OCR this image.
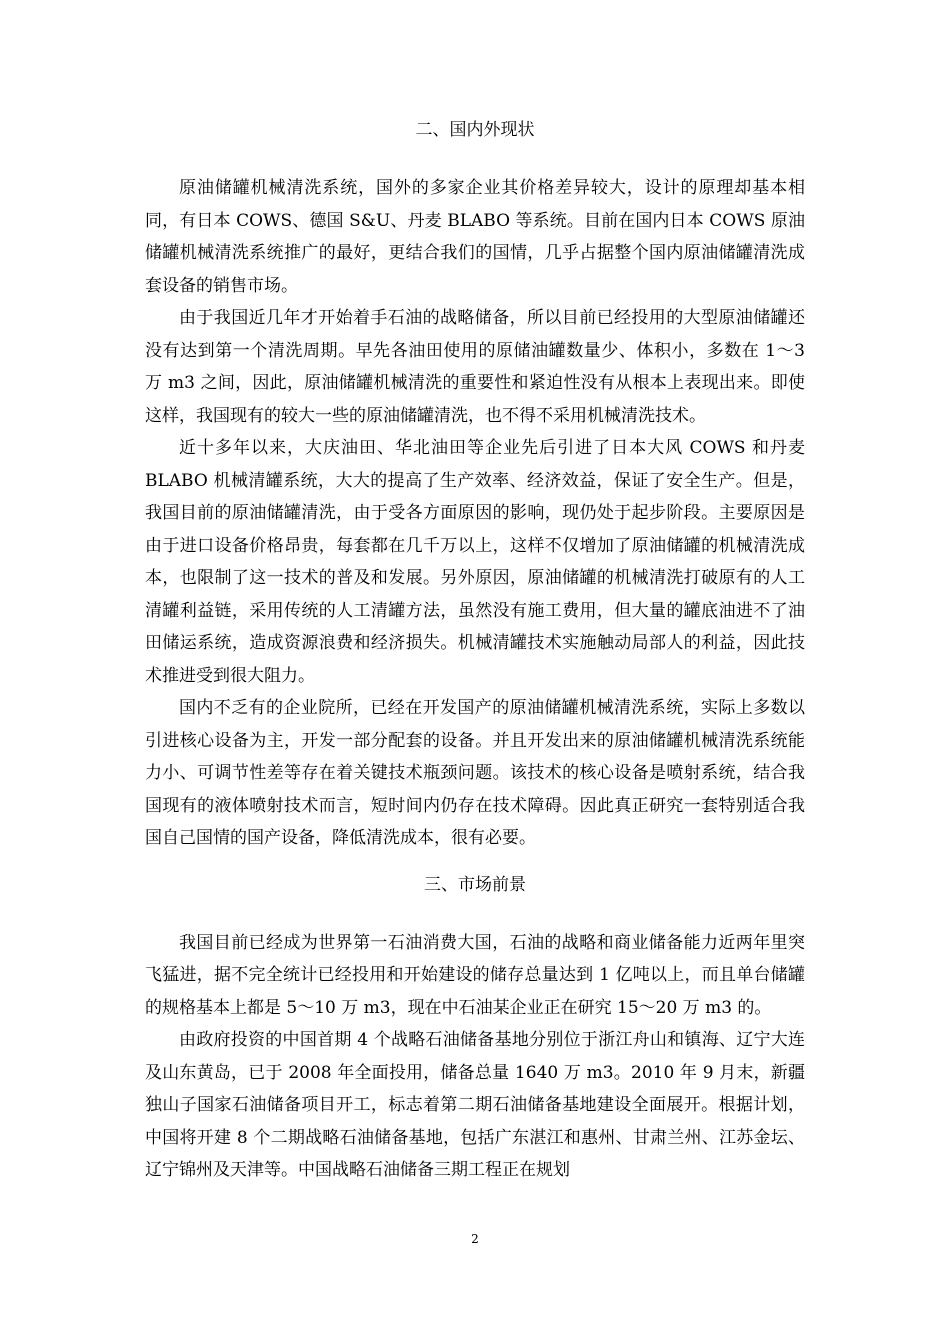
二、国内外现状

原油储罐机械清洗系统，国外的多家企业其价格差异较大，设计的原理却基本相同，有日本 COWS、德国 S&U、丹麦 BLABO 等系统。目前在国内日本 COWS 原油储罐机械清洗系统推广的最好，更结合我们的国情，几乎占据整个国内原油储罐清洗成套设备的销售市场。

由于我国近几年才开始着手石油的战略储备，所以目前已经投用的大型原油储罐还没有达到第一个清洗周期。早先各油田使用的原储油罐数量少、体积小，多数在 1～3 万 m3 之间，因此，原油储罐机械清洗的重要性和紧迫性没有从根本上表现出来。即使这样，我国现有的较大一些的原油储罐清洗，也不得不采用机械清洗技术。

近十多年以来，大庆油田、华北油田等企业先后引进了日本大风 COWS 和丹麦 BLABO 机械清罐系统，大大的提高了生产效率、经济效益，保证了安全生产。但是，我国目前的原油储罐清洗，由于受各方面原因的影响，现仍处于起步阶段。主要原因是由于进口设备价格昂贵，每套都在几千万以上，这样不仅增加了原油储罐的机械清洗成本，也限制了这一技术的普及和发展。另外原因，原油储罐的机械清洗打破原有的人工清罐利益链，采用传统的人工清罐方法，虽然没有施工费用，但大量的罐底油进不了油田储运系统，造成资源浪费和经济损失。机械清罐技术实施触动局部人的利益，因此技术推进受到很大阻力。

国内不乏有的企业院所，已经在开发国产的原油储罐机械清洗系统，实际上多数以引进核心设备为主，开发一部分配套的设备。并且开发出来的原油储罐机械清洗系统能力小、可调节性差等存在着关键技术瓶颈问题。该技术的核心设备是喷射系统，结合我国现有的液体喷射技术而言，短时间内仍存在技术障碍。因此真正研究一套特别适合我国自己国情的国产设备，降低清洗成本，很有必要。

三、市场前景

我国目前已经成为世界第一石油消费大国，石油的战略和商业储备能力近两年里突飞猛进，据不完全统计已经投用和开始建设的储存总量达到 1 亿吨以上，而且单台储罐的规格基本上都是 5～10 万 m3，现在中石油某企业正在研究 15～20 万 m3 的。

由政府投资的中国首期 4 个战略石油储备基地分别位于浙江舟山和镇海、辽宁大连及山东黄岛，已于 2008 年全面投用，储备总量 1640 万 m3。2010 年 9 月末，新疆独山子国家石油储备项目开工，标志着第二期石油储备基地建设全面展开。根据计划，中国将开建 8 个二期战略石油储备基地，包括广东湛江和惠州、甘肃兰州、江苏金坛、辽宁锦州及天津等。中国战略石油储备三期工程正在规划

2
